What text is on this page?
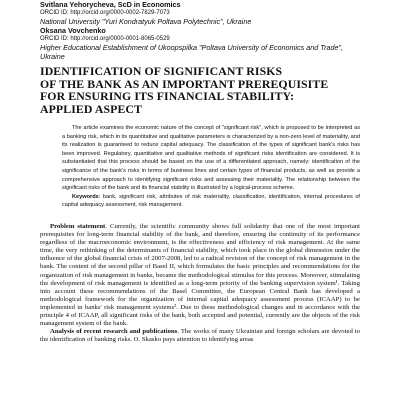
Svitlana Yehorycheva, ScD in Economics
ORCID ID: http://orcid.org/0000-0002-7829-7073
National University "Yuri Kondratyuk Poltava Polytechnic", Ukraine
Oksana Vovchenko
ORCID ID: http://orcid.org/0000-0001-8065-0529
Higher Educational Establishment of Ukoopspilka "Poltava University of Economics and Trade", Ukraine
IDENTIFICATION OF SIGNIFICANT RISKS
OF THE BANK AS AN IMPORTANT PREREQUISITE
FOR ENSURING ITS FINANCIAL STABILITY:
APPLIED ASPECT
The article examines the economic nature of the concept of "significant risk", which is proposed to be interpreted as a banking risk, which in its quantitative and qualitative parameters is characterized by a non-zero level of materiality, and its realization is guaranteed to reduce capital adequacy. The classification of the types of significant bank's risks has been improved. Regulatory, quantitative and qualitative methods of significant risks identification are considered. It is substantiated that this process should be based on the use of a differentiated approach, namely: identification of the significance of the bank's risks in terms of business lines and certain types of financial products, as well as provide a comprehensive approach to identifying significant risks and assessing their materiality. The relationship between the significant risks of the bank and its financial stability is illustrated by a logical-process scheme.
Keywords: bank, significant risk, attributes of risk materiality, classification, identification, internal procedures of capital adequacy assessment, risk management.
Problem statement. Currently, the scientific community shows full solidarity that one of the most important prerequisites for long-term financial stability of the bank, and therefore, ensuring the continuity of its performance regardless of the macroeconomic environment, is the effectiveness and efficiency of risk management. At the same time, the very rethinking of the determinants of financial stability, which took place in the global dimension under the influence of the global financial crisis of 2007-2008, led to a radical revision of the concept of risk management in the bank. The content of the second pillar of Basel II, which formulates the basic principles and recommendations for the organization of risk management in banks, became the methodological stimulus for this process. Moreover, stimulating the development of risk management is identified as a long-term priority of the banking supervision system¹. Taking into account these recommendations of the Basel Committee, the European Central Bank has developed a methodological framework for the organization of internal capital adequacy assessment process (ICAAP) to be implemented in banks' risk management systems². Due to these methodological changes and in accordance with the principle 4 of ICAAP, all significant risks of the bank, both accepted and potential, currently are the objects of the risk management system of the bank.
Analysis of recent research and publications. The works of many Ukrainian and foreign scholars are devoted to the identification of banking risks. O. Skasko pays attention to identifying areas
